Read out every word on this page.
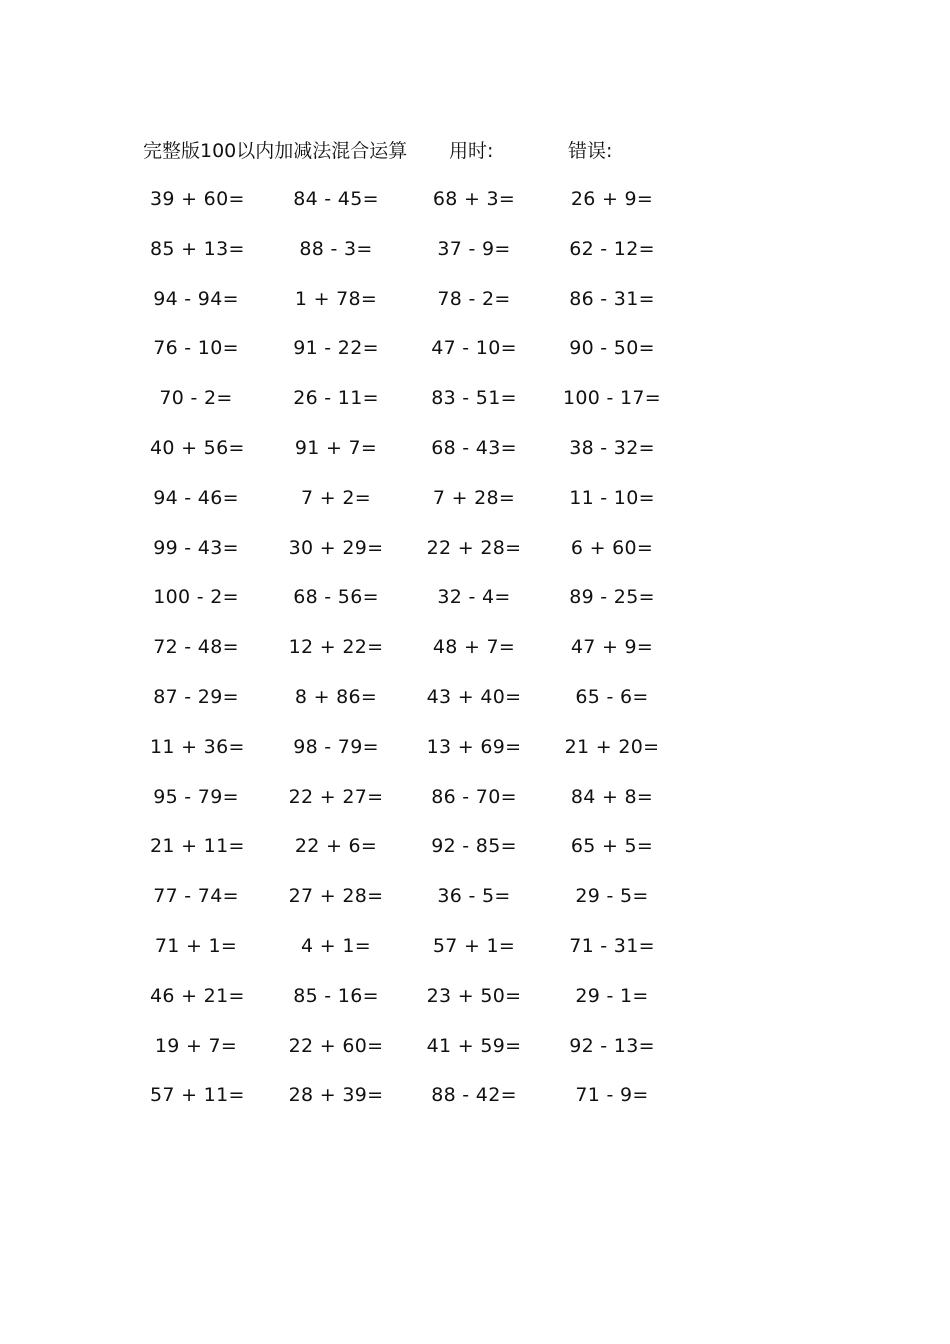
完整版100以内加减法混合运算 用时:	错误:
39 + 60=	84 - 45=	68 + 3=	26 + 9=
85 + 13=	88 - 3=	37 - 9=	62 - 12=
94 - 94=	1 + 78=	78 - 2=	86 - 31=
76 - 10=	91 - 22=	47 - 10=	90 - 50=
70 - 2=	26 - 11=	83 - 51= 100 - 17=
40 + 56=	91 + 7=	68 - 43=	38 - 32=
94 - 46=	7 + 2=	7 + 28=	11 - 10=
99 - 43=	30 + 29= 22 + 28=	6 + 60=
100 - 2=	68 - 56=	32 - 4=	89 - 25=
72 - 48=	12 + 22=	48 + 7=	47 + 9=
87 - 29=	8 + 86=	43 + 40=	65 - 6=
11 + 36=	98 - 79=	13 + 69= 21 + 20=
95 - 79=	22 + 27=	86 - 70=	84 + 8=
21 + 11=	22 + 6=	92 - 85=	65 + 5=
77 - 74=	27 + 28=	36 - 5=	29 - 5=
71 + 1=	4 + 1=	57 + 1=	71 - 31=
46 + 21=	85 - 16=	23 + 50=	29 - 1=
19 + 7=	22 + 60= 41 + 59=	92 - 13=
57 + 11= 28 + 39=	88 - 42=	71 - 9=
